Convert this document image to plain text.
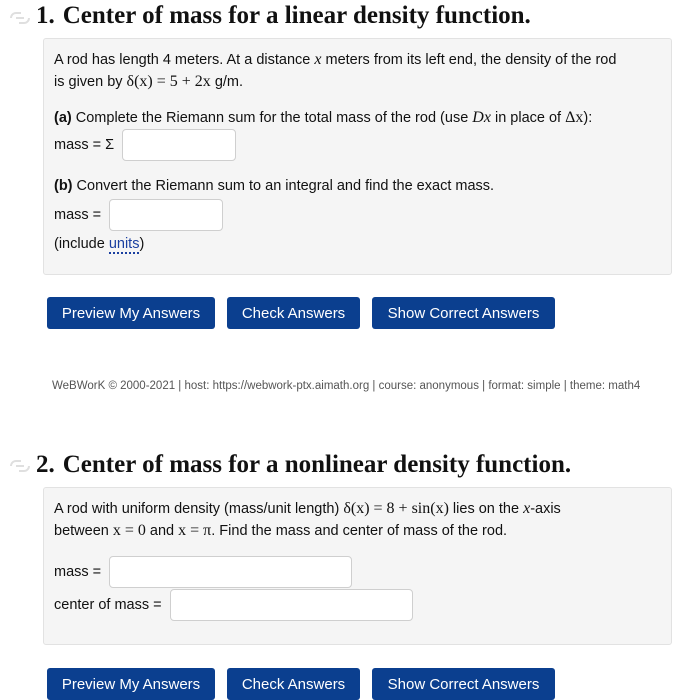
1. Center of mass for a linear density function.

A rod has length 4 meters. At a distance x meters from its left end, the density of the rod
is given by δ(x) = 5 + 2x g/m.

(a) Complete the Riemann sum for the total mass of the rod (use Dx in place of Δx):

mass = Σ

(b) Convert the Riemann sum to an integral and find the exact mass.

mass =

(include units)

Preview My Answers	Check Answers	Show Correct Answers
WeBWorK © 2000-2021 | host: https://webwork-ptx.aimath.org | course: anonymous | format: simple | theme: math4
2. Center of mass for a nonlinear density function.

A rod with uniform density (mass/unit length) δ(x) = 8 + sin(x) lies on the x-axis
between x = 0 and x = π. Find the mass and center of mass of the rod.

mass =
center of mass =
Preview My Answers	Check Answers	Show Correct Answers
